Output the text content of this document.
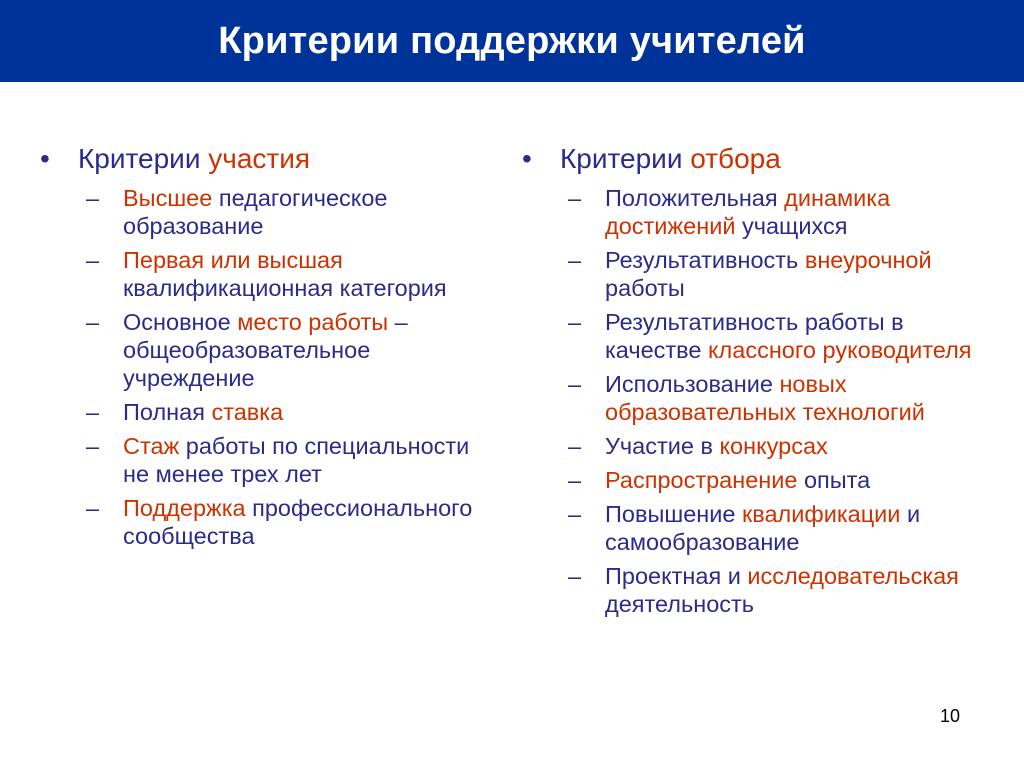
Критерии поддержки учителей
• Критерии участия
– Высшее педагогическое образование
– Первая или высшая квалификационная категория
– Основное место работы – общеобразовательное учреждение
– Полная ставка
– Стаж работы по специальности не менее трех лет
– Поддержка профессионального сообщества
• Критерии отбора
– Положительная динамика достижений учащихся
– Результативность внеурочной работы
– Результативность работы в качестве классного руководителя
– Использование новых образовательных технологий
– Участие в конкурсах
– Распространение опыта
– Повышение квалификации и самообразование
– Проектная и исследовательская деятельность
10
